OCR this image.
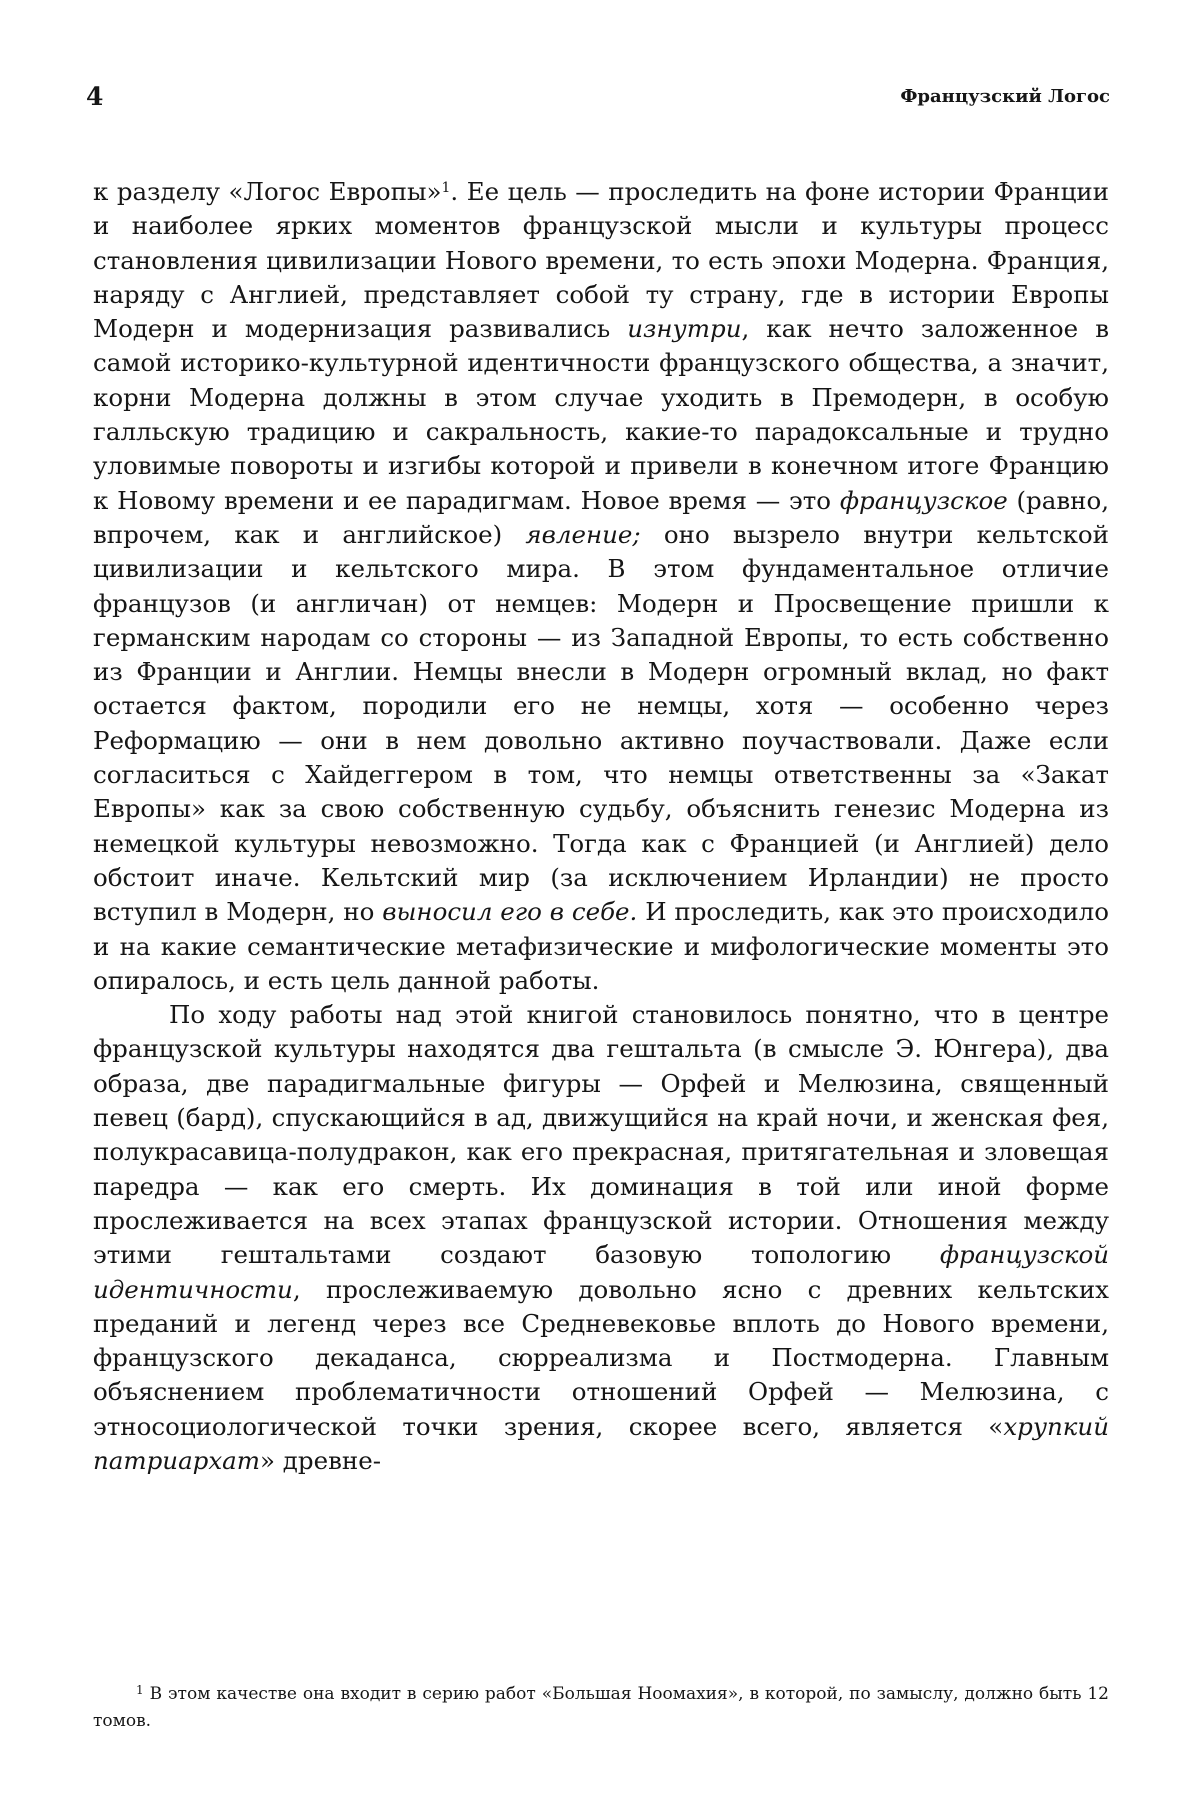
4	Французский Логос

к разделу «Логос Европы»$^1$. Ее цель — проследить на фоне истории Франции и наиболее ярких моментов французской мысли и культуры процесс становления цивилизации Нового времени, то есть эпохи Модерна. Франция, наряду с Англией, представляет собой ту страну, где в истории Европы Модерн и модернизация развивались изнутри, как нечто заложенное в самой историко-культурной идентичности французского общества, а значит, корни Модерна должны в этом случае уходить в Премодерн, в особую галльскую традицию и сакральность, какие-то парадоксальные и трудно уловимые повороты и изгибы которой и привели в конечном итоге Францию к Новому времени и ее парадигмам. Новое время — это французское (равно, впрочем, как и английское) явление; оно вызрело внутри кельтской цивилизации и кельтского мира. В этом фундаментальное отличие французов (и англичан) от немцев: Модерн и Просвещение пришли к германским народам со стороны — из Западной Европы, то есть собственно из Франции и Англии. Немцы внесли в Модерн огромный вклад, но факт остается фактом, породили его не немцы, хотя — особенно через Реформацию — они в нем довольно активно поучаствовали. Даже если согласиться с Хайдеггером в том, что немцы ответственны за «Закат Европы» как за свою собственную судьбу, объяснить генезис Модерна из немецкой культуры невозможно. Тогда как с Францией (и Англией) дело обстоит иначе. Кельтский мир (за исключением Ирландии) не просто вступил в Модерн, но выносил его в себе. И проследить, как это происходило и на какие семантические метафизические и мифологические моменты это опиралось, и есть цель данной работы.

По ходу работы над этой книгой становилось понятно, что в центре французской культуры находятся два гештальта (в смысле Э. Юнгера), два образа, две парадигмальные фигуры — Орфей и Мелюзина, священный певец (бард), спускающийся в ад, движущийся на край ночи, и женская фея, полукрасавица-полудракон, как его прекрасная, притягательная и зловещая паредра — как его смерть. Их доминация в той или иной форме прослеживается на всех этапах французской истории. Отношения между этими гештальтами создают базовую топологию французской идентичности, прослеживаемую довольно ясно с древних кельтских преданий и легенд через все Средневековье вплоть до Нового времени, французского декаданса, сюрреализма и Постмодерна. Главным объяснением проблематичности отношений Орфей — Мелюзина, с этносоциологической точки зрения, скорее всего, является «хрупкий патриархат» древне-

$^1$ В этом качестве она входит в серию работ «Большая Ноомахия», в которой, по замыслу, должно быть 12 томов.
